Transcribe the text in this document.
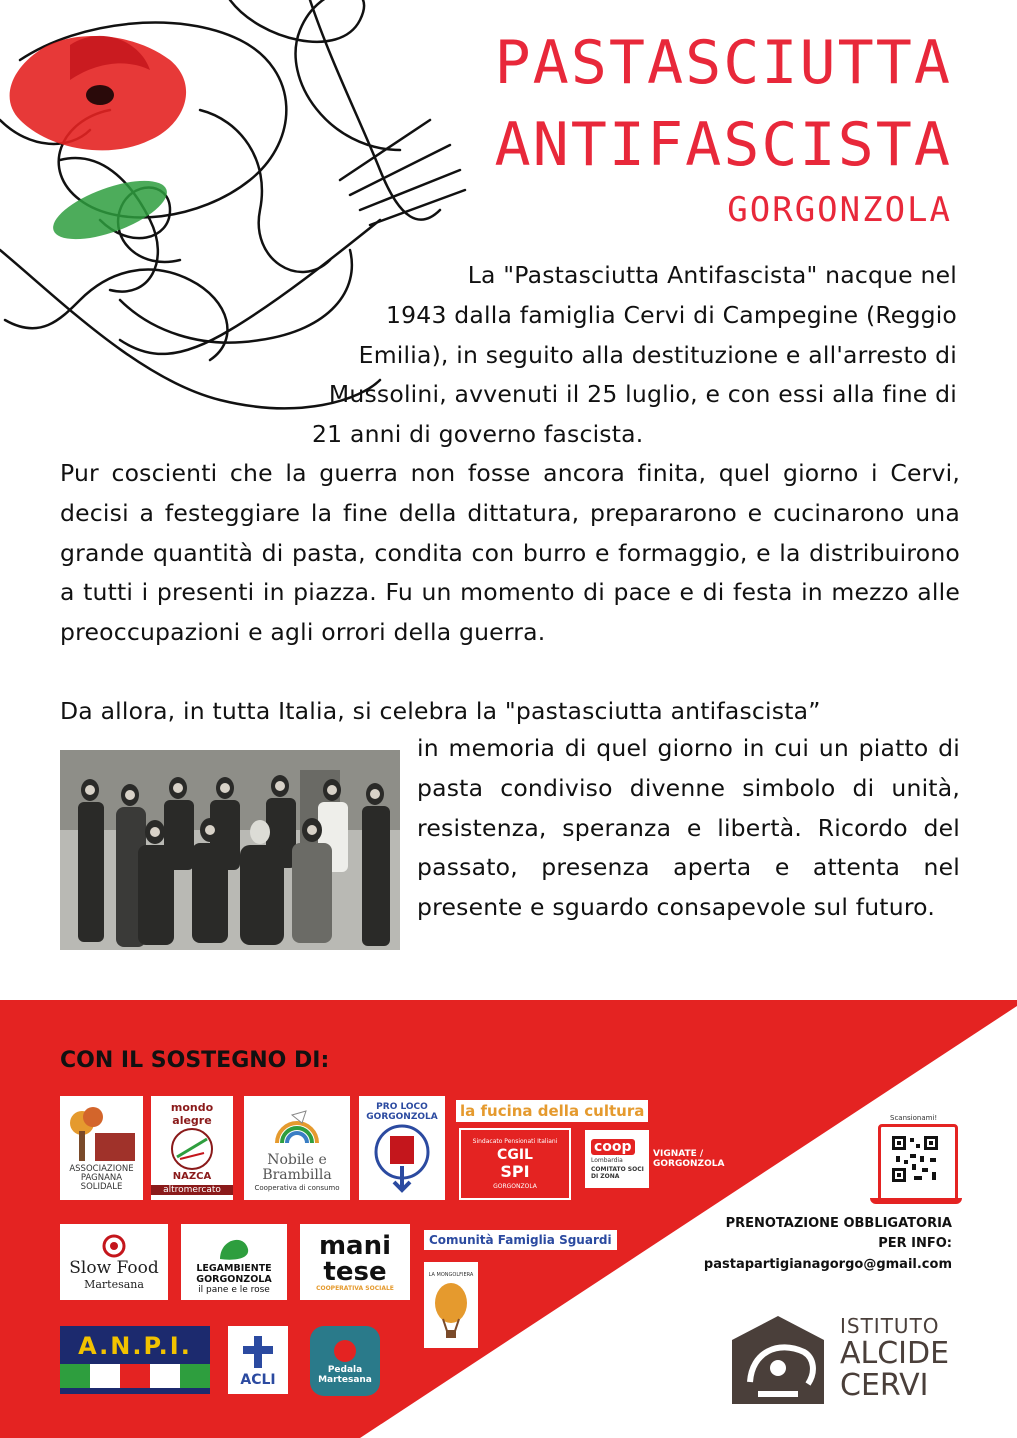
PASTASCIUTTA
ANTIFASCISTA
GORGONZOLA

La "Pastasciutta Antifascista" nacque nel

1943 dalla famiglia Cervi di Campegine (Reggio

Emilia), in seguito alla destituzione e all'arresto di

Mussolini, avvenuti il 25 luglio, e con essi alla fine di

21 anni di governo fascista.

Pur coscienti che la guerra non fosse ancora finita, quel giorno i Cervi, decisi a festeggiare la fine della dittatura, prepararono e cucinarono una grande quantità di pasta, condita con burro e formaggio, e la distribuirono a tutti i presenti in piazza. Fu un momento di pace e di festa in mezzo alle preoccupazioni e agli orrori della guerra.

Da allora, in tutta Italia, si celebra la "pastasciutta antifascista”

in memoria di quel giorno in cui un piatto di pasta condiviso divenne simbolo di unità, resistenza, speranza e libertà. Ricordo del passato, presenza aperta e attenta nel presente e sguardo consapevole sul futuro.

CON IL SOSTEGNO DI:
ASSOCIAZIONE PAGNANA SOLIDALE
mondo alegre
NAZCA
altromercato
Nobile e Brambilla
Cooperativa di consumo
PRO LOCO GORGONZOLA	la fucina della cultura
Sindacato Pensionati Italiani
CGIL
SPI
GORGONZOLA
coop
Lombardia
COMITATO SOCI DI ZONA
VIGNATE / GORGONZOLA
Slow Food
Martesana
LEGAMBIENTE GORGONZOLA
il pane e le rose
mani tese
COOPERATIVA SOCIALE
Comunità Famiglia Sguardi
LA MONGOLFIERA
A.N.P.I.
ACLI
Pedala Martesana
Scansionami!
PRENOTAZIONE OBBLIGATORIA
PER INFO:
pastapartigianagorgo@gmail.com
ISTITUTO
ALCIDE
CERVI
